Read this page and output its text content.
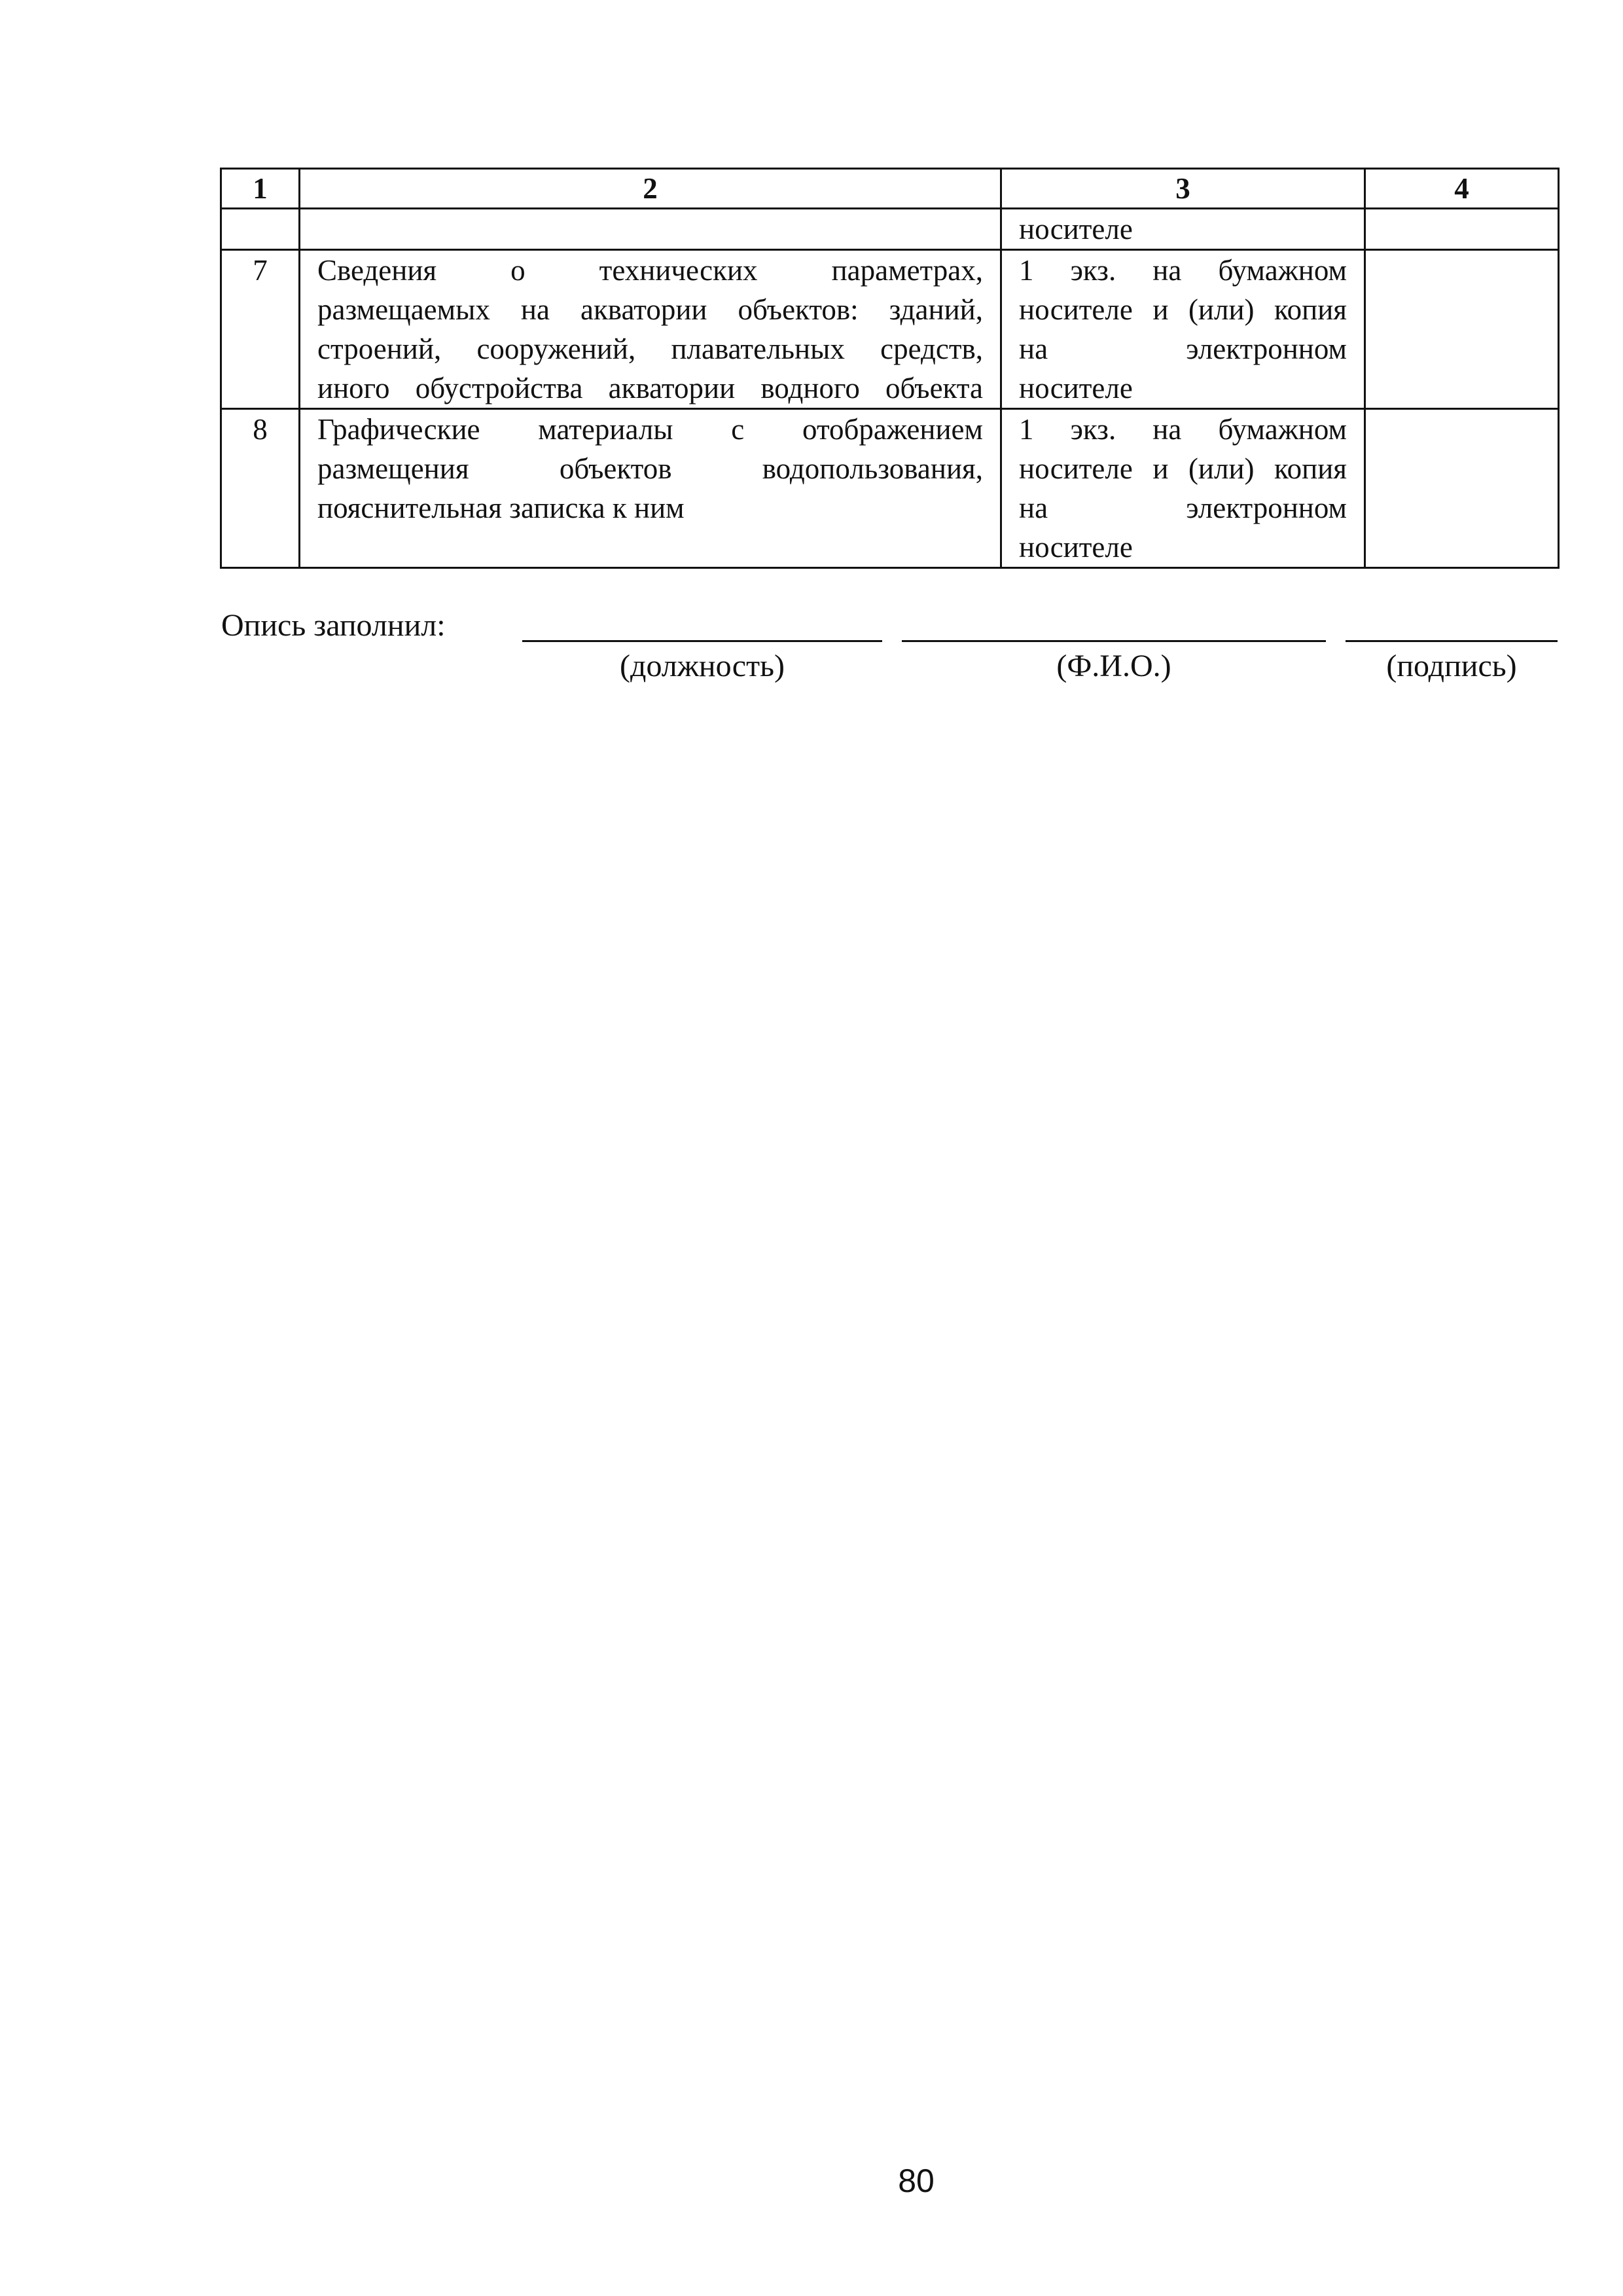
1	2	3	4

		носителе	

7	Сведения о технических параметрах,
размещаемых на акватории объектов: зданий,
строений, сооружений, плавательных средств,
иного обустройства акватории водного объекта	1 экз. на бумажном
носителе и (или) копия
на электронном
носителе	

8	Графические материалы с отображением
размещения объектов водопользования,
пояснительная записка к ним	1 экз. на бумажном
носителе и (или) копия
на электронном
носителе	

Опись заполнил:
(должность)	(Ф.И.О.)	(подпись)
80
